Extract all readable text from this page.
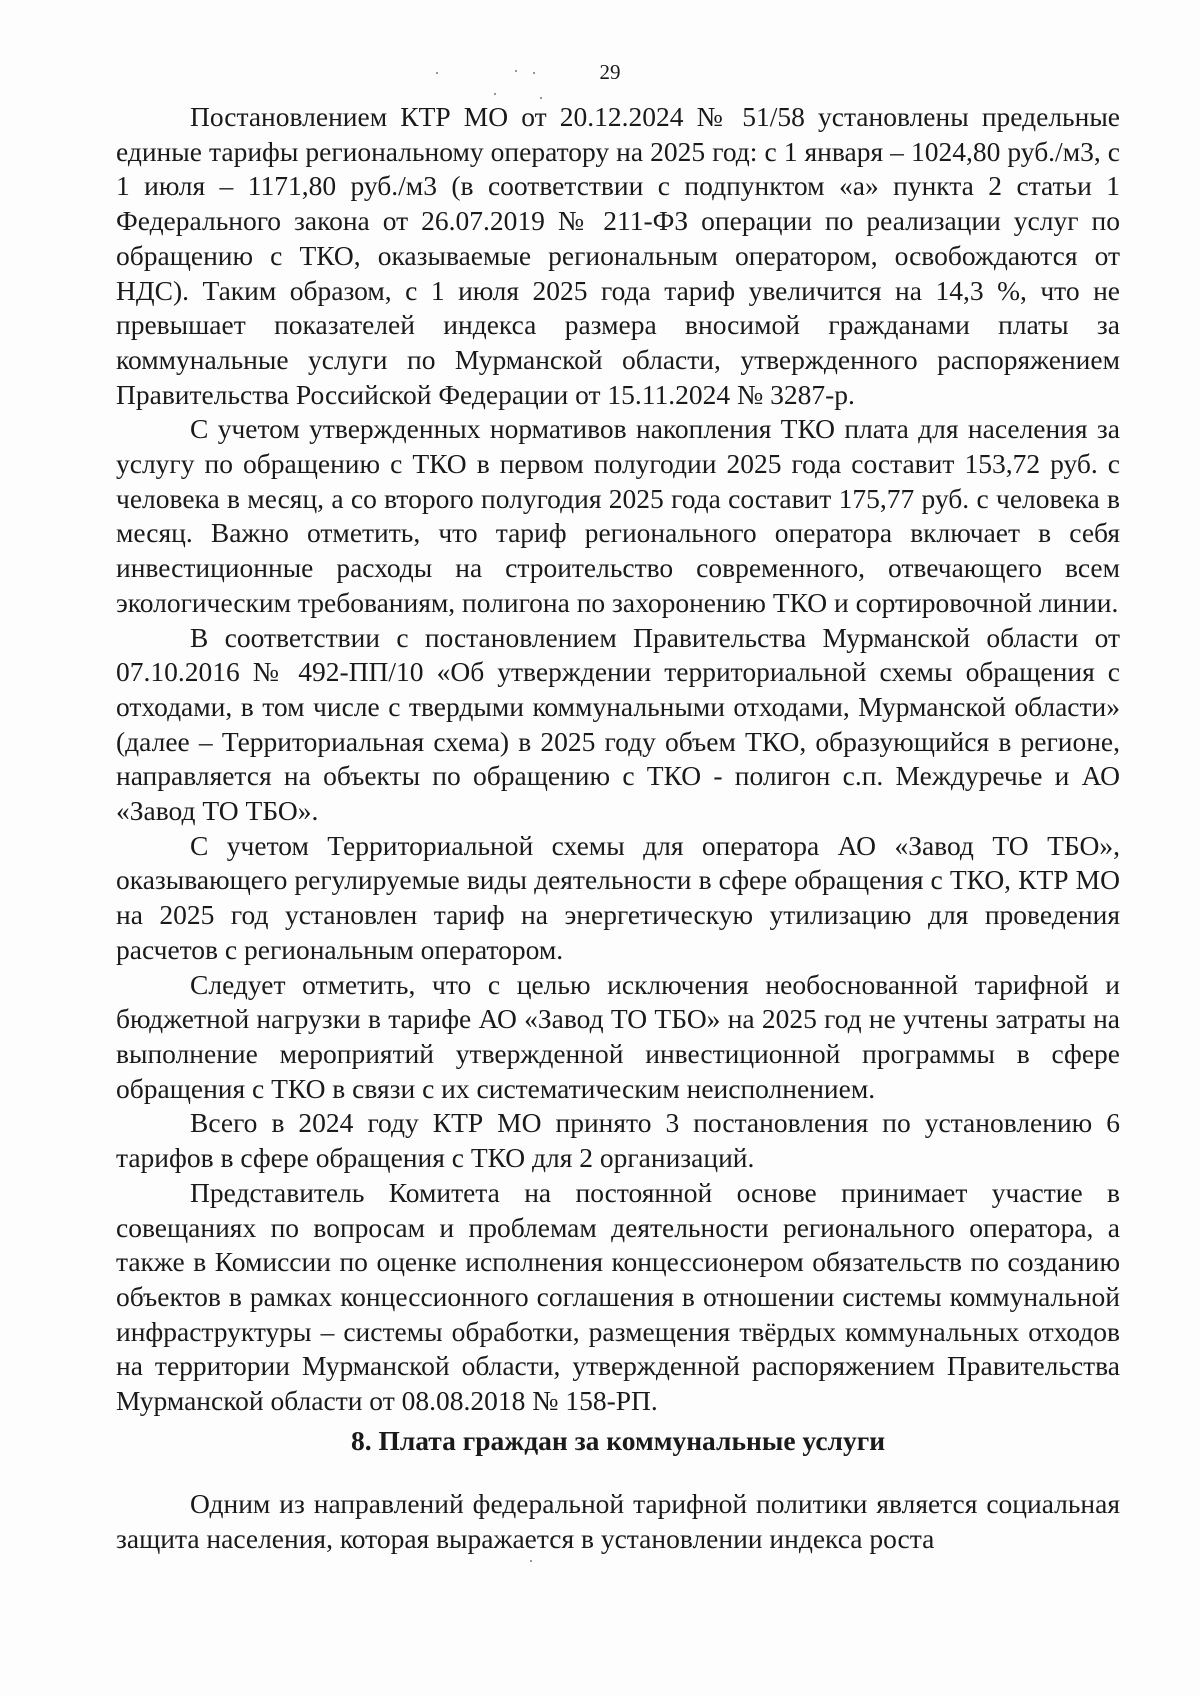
29

Постановлением КТР МО от 20.12.2024 № 51/58 установлены предельные единые тарифы региональному оператору на 2025 год: с 1 января – 1024,80 руб./м3, с 1 июля – 1171,80 руб./м3 (в соответствии с подпунктом «а» пункта 2 статьи 1 Федерального закона от 26.07.2019 № 211-ФЗ операции по реализации услуг по обращению с ТКО, оказываемые региональным оператором, освобождаются от НДС). Таким образом, с 1 июля 2025 года тариф увеличится на 14,3 %, что не превышает показателей индекса размера вносимой гражданами платы за коммунальные услуги по Мурманской области, утвержденного распоряжением Правительства Российской Федерации от 15.11.2024 № 3287-р.

С учетом утвержденных нормативов накопления ТКО плата для населения за услугу по обращению с ТКО в первом полугодии 2025 года составит 153,72 руб. с человека в месяц, а со второго полугодия 2025 года составит 175,77 руб. с человека в месяц. Важно отметить, что тариф регионального оператора включает в себя инвестиционные расходы на строительство современного, отвечающего всем экологическим требованиям, полигона по захоронению ТКО и сортировочной линии.

В соответствии с постановлением Правительства Мурманской области от 07.10.2016 № 492-ПП/10 «Об утверждении территориальной схемы обращения с отходами, в том числе с твердыми коммунальными отходами, Мурманской области» (далее – Территориальная схема) в 2025 году объем ТКО, образующийся в регионе, направляется на объекты по обращению с ТКО - полигон с.п. Междуречье и АО «Завод ТО ТБО».

С учетом Территориальной схемы для оператора АО «Завод ТО ТБО», оказывающего регулируемые виды деятельности в сфере обращения с ТКО, КТР МО на 2025 год установлен тариф на энергетическую утилизацию для проведения расчетов с региональным оператором.

Следует отметить, что с целью исключения необоснованной тарифной и бюджетной нагрузки в тарифе АО «Завод ТО ТБО» на 2025 год не учтены затраты на выполнение мероприятий утвержденной инвестиционной программы в сфере обращения с ТКО в связи с их систематическим неисполнением.

Всего в 2024 году КТР МО принято 3 постановления по установлению 6 тарифов в сфере обращения с ТКО для 2 организаций.

Представитель Комитета на постоянной основе принимает участие в совещаниях по вопросам и проблемам деятельности регионального оператора, а также в Комиссии по оценке исполнения концессионером обязательств по созданию объектов в рамках концессионного соглашения в отношении системы коммунальной инфраструктуры – системы обработки, размещения твёрдых коммунальных отходов на территории Мурманской области, утвержденной распоряжением Правительства Мурманской области от 08.08.2018 № 158-РП.

8. Плата граждан за коммунальные услуги

Одним из направлений федеральной тарифной политики является социальная защита населения, которая выражается в установлении индекса роста
